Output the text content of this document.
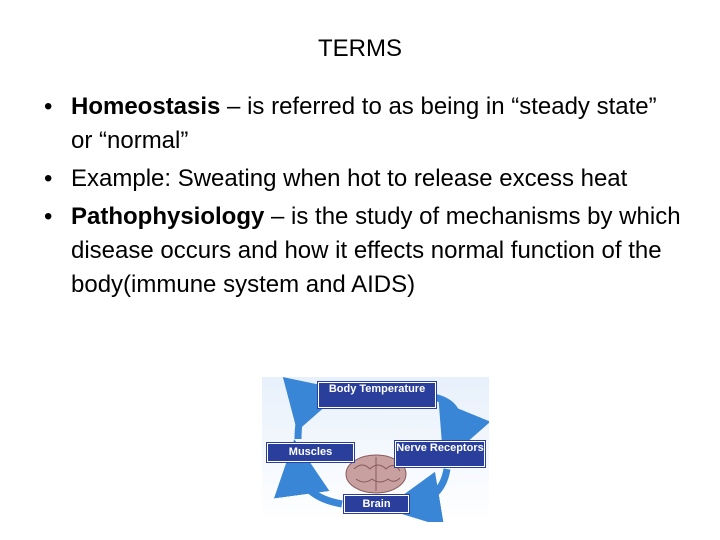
TERMS
• Homeostasis – is referred to as being in “steady state” or “normal”
• Example: Sweating when hot to release excess heat
• Pathophysiology – is the study of mechanisms by which disease occurs and how it effects normal function of the body(immune system and AIDS)
Body Temperature
Muscles	Nerve Receptors
Brain
